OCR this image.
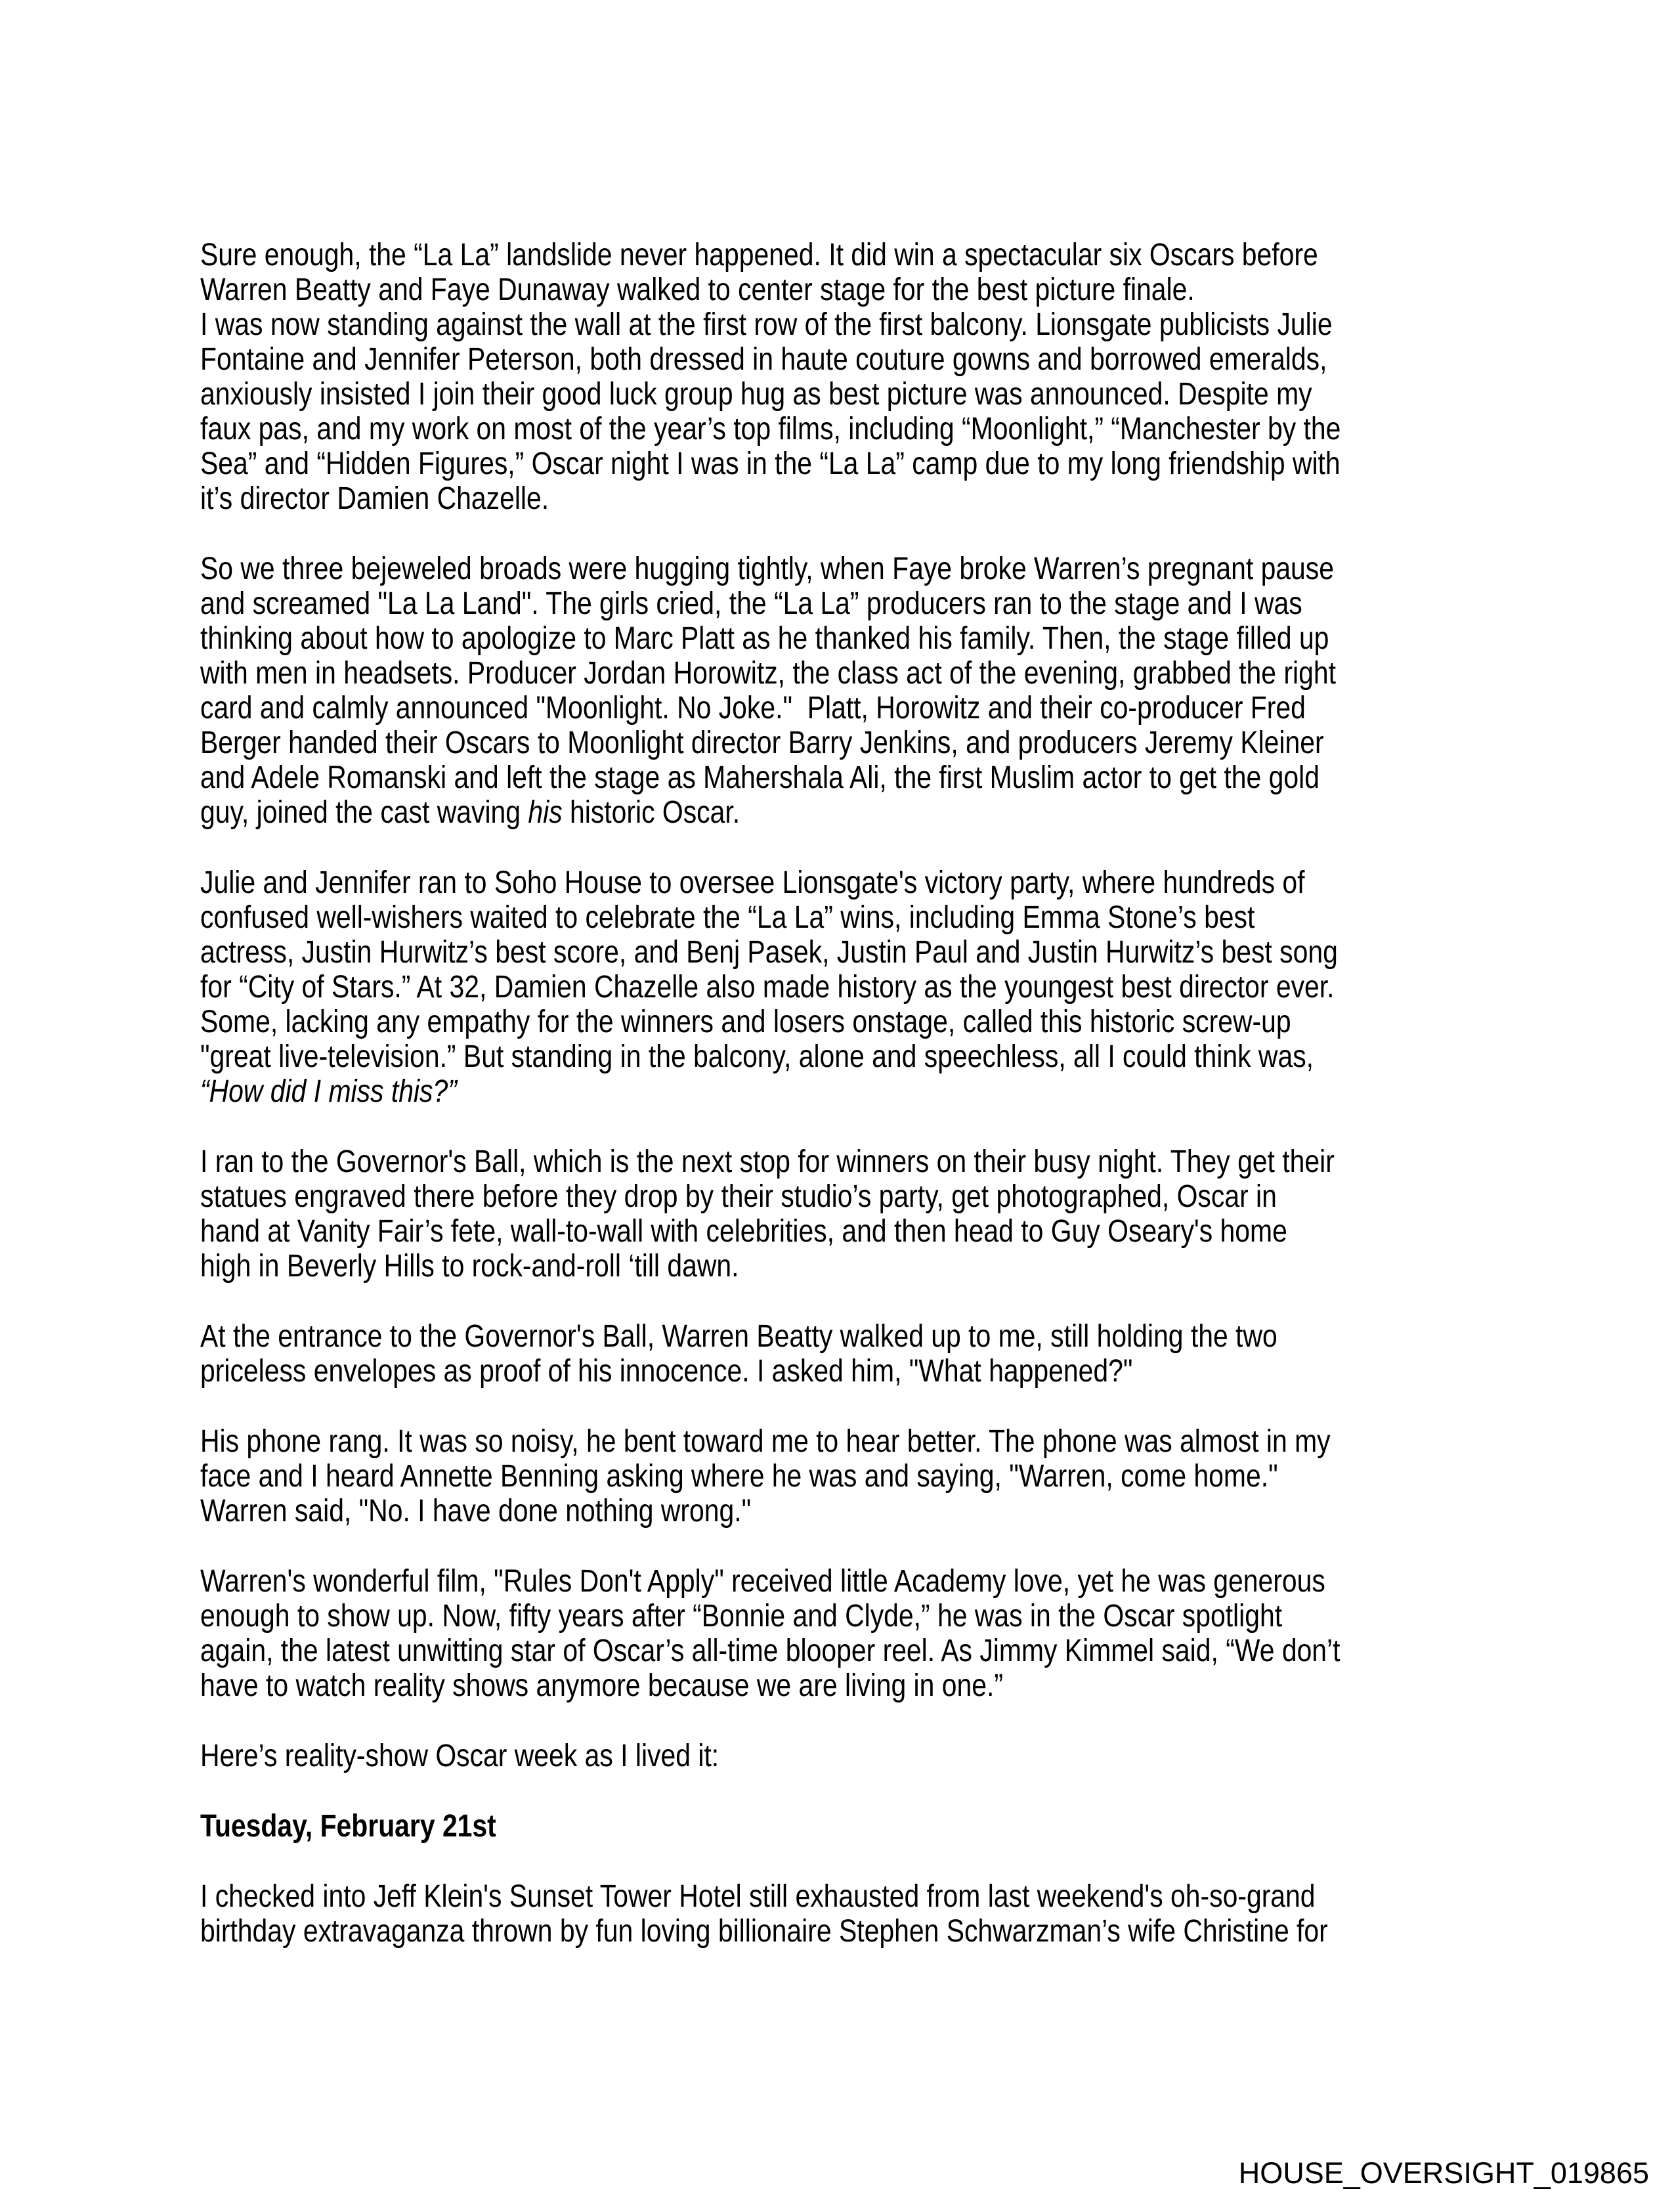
Sure enough, the “La La” landslide never happened. It did win a spectacular six Oscars before
Warren Beatty and Faye Dunaway walked to center stage for the best picture finale.
I was now standing against the wall at the first row of the first balcony. Lionsgate publicists Julie
Fontaine and Jennifer Peterson, both dressed in haute couture gowns and borrowed emeralds,
anxiously insisted I join their good luck group hug as best picture was announced. Despite my
faux pas, and my work on most of the year’s top films, including “Moonlight,” “Manchester by the
Sea” and “Hidden Figures,” Oscar night I was in the “La La” camp due to my long friendship with
it’s director Damien Chazelle.
So we three bejeweled broads were hugging tightly, when Faye broke Warren’s pregnant pause
and screamed "La La Land". The girls cried, the “La La” producers ran to the stage and I was
thinking about how to apologize to Marc Platt as he thanked his family. Then, the stage filled up
with men in headsets. Producer Jordan Horowitz, the class act of the evening, grabbed the right
card and calmly announced "Moonlight. No Joke."  Platt, Horowitz and their co-producer Fred
Berger handed their Oscars to Moonlight director Barry Jenkins, and producers Jeremy Kleiner
and Adele Romanski and left the stage as Mahershala Ali, the first Muslim actor to get the gold
guy, joined the cast waving his historic Oscar.
Julie and Jennifer ran to Soho House to oversee Lionsgate's victory party, where hundreds of
confused well-wishers waited to celebrate the “La La” wins, including Emma Stone’s best
actress, Justin Hurwitz’s best score, and Benj Pasek, Justin Paul and Justin Hurwitz’s best song
for “City of Stars.” At 32, Damien Chazelle also made history as the youngest best director ever.
Some, lacking any empathy for the winners and losers onstage, called this historic screw-up
"great live-television.” But standing in the balcony, alone and speechless, all I could think was,
“How did I miss this?”
I ran to the Governor's Ball, which is the next stop for winners on their busy night. They get their
statues engraved there before they drop by their studio’s party, get photographed, Oscar in
hand at Vanity Fair’s fete, wall-to-wall with celebrities, and then head to Guy Oseary's home
high in Beverly Hills to rock-and-roll ‘till dawn.
At the entrance to the Governor's Ball, Warren Beatty walked up to me, still holding the two
priceless envelopes as proof of his innocence. I asked him, "What happened?"
His phone rang. It was so noisy, he bent toward me to hear better. The phone was almost in my
face and I heard Annette Benning asking where he was and saying, "Warren, come home."
Warren said, "No. I have done nothing wrong."
Warren's wonderful film, "Rules Don't Apply" received little Academy love, yet he was generous
enough to show up. Now, fifty years after “Bonnie and Clyde,” he was in the Oscar spotlight
again, the latest unwitting star of Oscar’s all-time blooper reel. As Jimmy Kimmel said, “We don’t
have to watch reality shows anymore because we are living in one.”
Here’s reality-show Oscar week as I lived it:
Tuesday, February 21st
I checked into Jeff Klein's Sunset Tower Hotel still exhausted from last weekend's oh-so-grand
birthday extravaganza thrown by fun loving billionaire Stephen Schwarzman’s wife Christine for
HOUSE_OVERSIGHT_019865
